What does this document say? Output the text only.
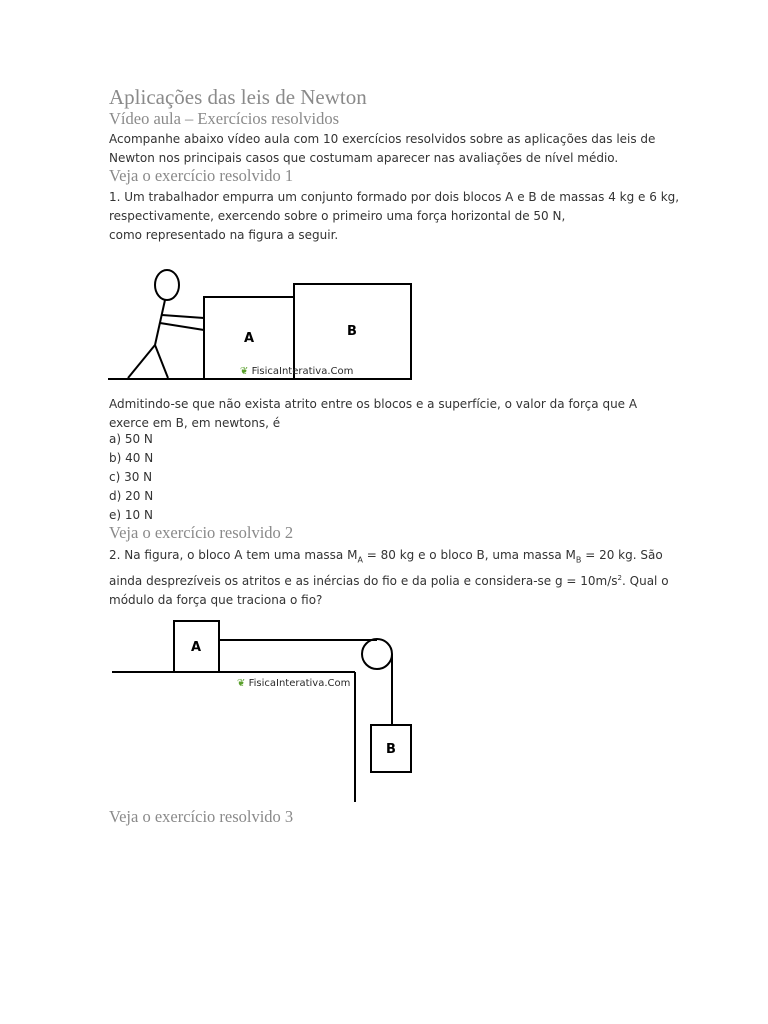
Aplicações das leis de Newton
Vídeo aula – Exercícios resolvidos
Acompanhe abaixo vídeo aula com 10 exercícios resolvidos sobre as aplicações das leis de
Newton nos principais casos que costumam aparecer nas avaliações de nível médio.
Veja o exercício resolvido 1
1. Um trabalhador empurra um conjunto formado por dois blocos A e B de massas 4 kg e 6 kg,
respectivamente, exercendo sobre o primeiro uma força horizontal de 50 N,
como representado na figura a seguir.
A	B
❦ FisicaInterativa.Com
A
B
❦ FisicaInterativa.Com
Admitindo-se que não exista atrito entre os blocos e a superfície, o valor da força que A
exerce em B, em newtons, é
a) 50 N
b) 40 N
c) 30 N
d) 20 N
e) 10 N
Veja o exercício resolvido 2
2. Na figura, o bloco A tem uma massa $M_A = 80$ kg e o bloco B, uma massa $M_B = 20$ kg. São
ainda desprezíveis os atritos e as inércias do fio e da polia e considera-se $g = 10m/s^2$. Qual o
módulo da força que traciona o fio?
Veja o exercício resolvido 3
